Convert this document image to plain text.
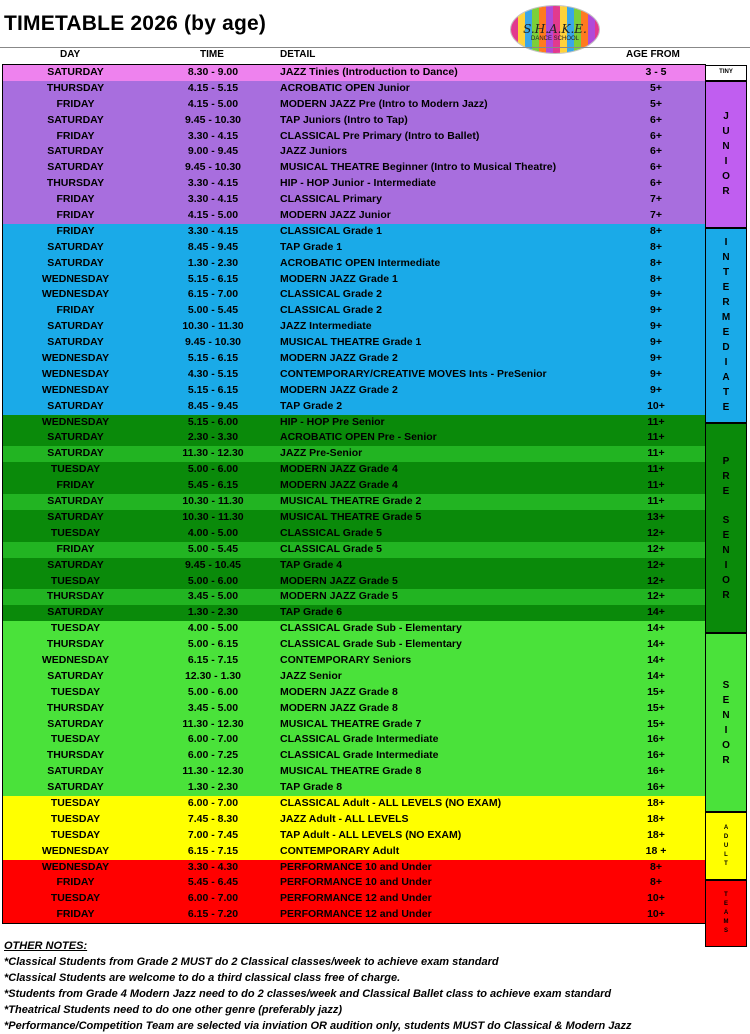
TIMETABLE 2026 (by age)	S.H.A.K.E.
DANCE SCHOOL
DAY	TIME	DETAIL	AGE FROM
SATURDAY	8.30 - 9.00	JAZZ Tinies (Introduction to Dance)	3 - 5
THURSDAY	4.15 - 5.15	ACROBATIC OPEN Junior	5+
FRIDAY	4.15 - 5.00	MODERN JAZZ Pre (Intro to Modern Jazz)	5+
SATURDAY	9.45 - 10.30	TAP Juniors (Intro to Tap)	6+
FRIDAY	3.30 - 4.15	CLASSICAL Pre Primary (Intro to Ballet)	6+
SATURDAY	9.00 - 9.45	JAZZ Juniors	6+
SATURDAY	9.45 - 10.30	MUSICAL THEATRE Beginner (Intro to Musical Theatre)	6+
THURSDAY	3.30 - 4.15	HIP - HOP Junior - Intermediate	6+
FRIDAY	3.30 - 4.15	CLASSICAL Primary	7+
FRIDAY	4.15 - 5.00	MODERN JAZZ Junior	7+
FRIDAY	3.30 - 4.15	CLASSICAL Grade 1	8+
SATURDAY	8.45 - 9.45	TAP Grade 1	8+
SATURDAY	1.30 - 2.30	ACROBATIC OPEN Intermediate	8+
WEDNESDAY	5.15 - 6.15	MODERN JAZZ Grade 1	8+
WEDNESDAY	6.15 - 7.00	CLASSICAL Grade 2	9+
FRIDAY	5.00 - 5.45	CLASSICAL Grade 2	9+
SATURDAY	10.30 - 11.30	JAZZ Intermediate	9+
SATURDAY	9.45 - 10.30	MUSICAL THEATRE Grade 1	9+
WEDNESDAY	5.15 - 6.15	MODERN JAZZ Grade 2	9+
WEDNESDAY	4.30 - 5.15	CONTEMPORARY/CREATIVE MOVES Ints - PreSenior	9+
WEDNESDAY	5.15 - 6.15	MODERN JAZZ Grade 2	9+
SATURDAY	8.45 - 9.45	TAP Grade 2	10+
WEDNESDAY	5.15 - 6.00	HIP - HOP Pre Senior	11+
SATURDAY	2.30 - 3.30	ACROBATIC OPEN Pre - Senior	11+
SATURDAY	11.30 - 12.30	JAZZ Pre-Senior	11+
TUESDAY	5.00 - 6.00	MODERN JAZZ Grade 4	11+
FRIDAY	5.45 - 6.15	MODERN JAZZ Grade 4	11+
SATURDAY	10.30 - 11.30	MUSICAL THEATRE Grade 2	11+
SATURDAY	10.30 - 11.30	MUSICAL THEATRE Grade 5	13+
TUESDAY	4.00 - 5.00	CLASSICAL Grade 5	12+
FRIDAY	5.00 - 5.45	CLASSICAL Grade 5	12+
SATURDAY	9.45 - 10.45	TAP Grade 4	12+
TUESDAY	5.00 - 6.00	MODERN JAZZ Grade 5	12+
THURSDAY	3.45 - 5.00	MODERN JAZZ Grade 5	12+
SATURDAY	1.30 - 2.30	TAP Grade 6	14+
TUESDAY	4.00 - 5.00	CLASSICAL Grade Sub - Elementary	14+
THURSDAY	5.00 - 6.15	CLASSICAL Grade Sub - Elementary	14+
WEDNESDAY	6.15 - 7.15	CONTEMPORARY Seniors	14+
SATURDAY	12.30 - 1.30	JAZZ Senior	14+
TUESDAY	5.00 - 6.00	MODERN JAZZ Grade 8	15+
THURSDAY	3.45 - 5.00	MODERN JAZZ Grade 8	15+
SATURDAY	11.30 - 12.30	MUSICAL THEATRE Grade 7	15+
TUESDAY	6.00 - 7.00	CLASSICAL Grade Intermediate	16+
THURSDAY	6.00 - 7.25	CLASSICAL Grade Intermediate	16+
SATURDAY	11.30 - 12.30	MUSICAL THEATRE Grade 8	16+
SATURDAY	1.30 - 2.30	TAP Grade 8	16+
TUESDAY	6.00 - 7.00	CLASSICAL Adult - ALL LEVELS (NO EXAM)	18+
TUESDAY	7.45 - 8.30	JAZZ Adult - ALL LEVELS	18+
TUESDAY	7.00 - 7.45	TAP Adult - ALL LEVELS (NO EXAM)	18+
WEDNESDAY	6.15 - 7.15	CONTEMPORARY Adult	18 +
WEDNESDAY	3.30 - 4.30	PERFORMANCE 10 and Under	8+
FRIDAY	5.45 - 6.45	PERFORMANCE 10 and Under	8+
TUESDAY	6.00 - 7.00	PERFORMANCE 12 and Under	10+
FRIDAY	6.15 - 7.20	PERFORMANCE 12 and Under	10+
TINY
J
U
N
I
O
R
I
N
T
E
R
M
E
D
I
A
T
E
P
R
E
S
E
N
I
O
R
S
E
N
I
O
R
A
D
U
L
T
T
E
A
M
S
OTHER NOTES:
*Classical Students from Grade 2 MUST do 2 Classical classes/week to achieve exam standard
*Classical Students are welcome to do a third classical class free of charge.
*Students from Grade 4 Modern Jazz need to do 2 classes/week and Classical Ballet class to achieve exam standard
*Theatrical Students need to do one other genre (preferably jazz)
*Performance/Competition Team are selected via inviation OR audition only, students MUST do Classical & Modern Jazz
